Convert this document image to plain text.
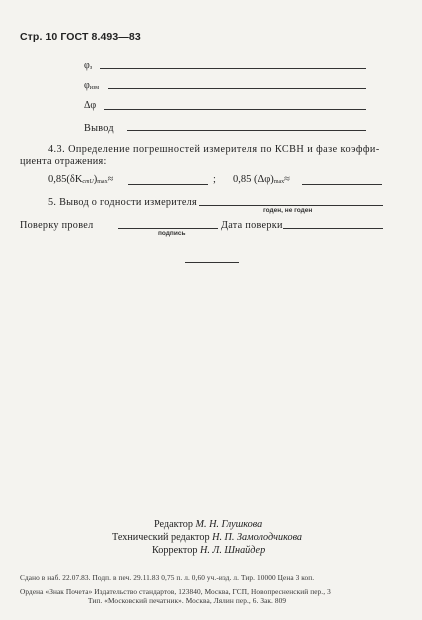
Стр. 10 ГОСТ 8.493—83
φз
φизм
Δφ
Вывод
4.3. Определение погрешностей измерителя по КСВН и фазе коэффи-
циента отражения:
0,85(δKстU)max≈	; 0,85 (Δφ)max≈
5. Вывод о годности измерителя
годен, не годен
Поверку провел
подпись
Дата поверки
Редактор М. Н. Глушкова
Технический редактор Н. П. Замолодчикова
Корректор Н. Л. Шнайдер
Сдано в наб. 22.07.83. Подп. в печ. 29.11.83 0,75 п. л. 0,60 уч.-изд. л. Тир. 10000 Цена 3 коп.
Ордена «Знак Почета» Издательство стандартов, 123840, Москва, ГСП, Новопресненский пер., 3
Тип. «Московский печатник». Москва, Лялин пер., 6. Зак. 809
